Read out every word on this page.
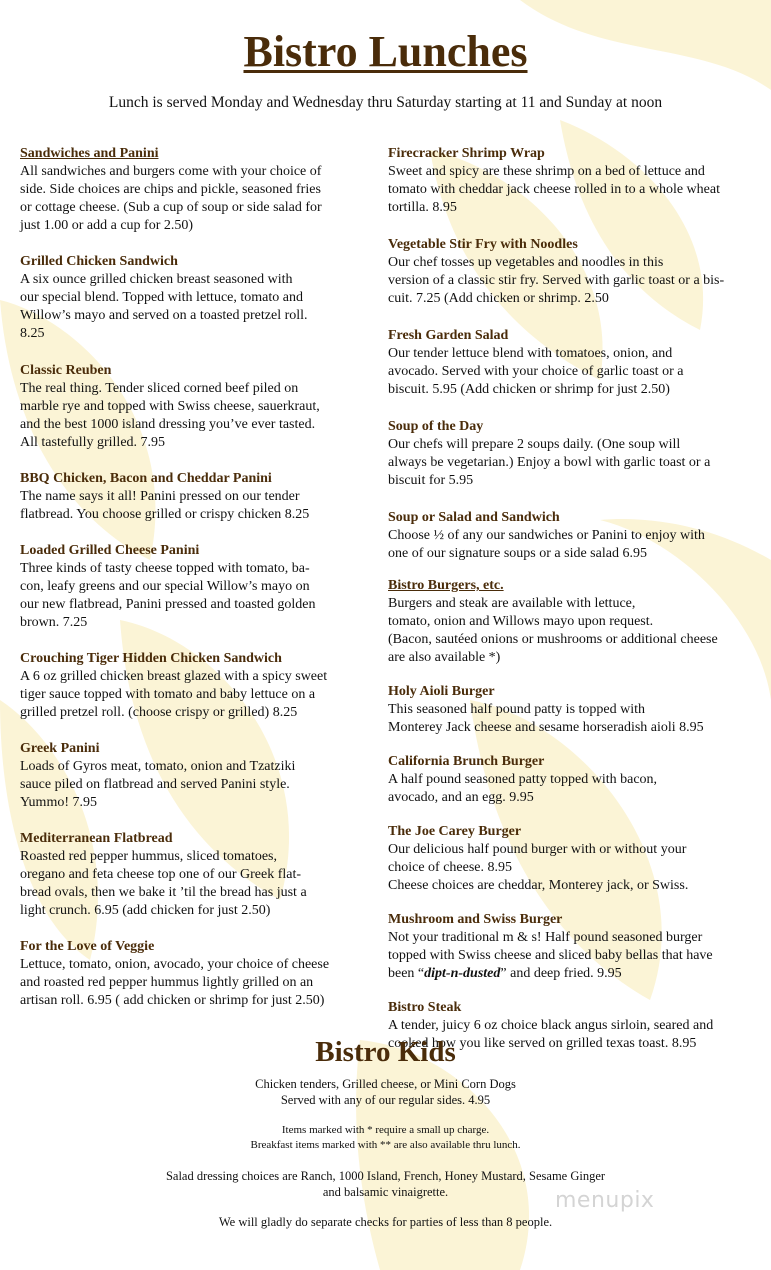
Bistro Lunches
Lunch is served Monday and Wednesday thru Saturday starting at 11 and Sunday at noon
Sandwiches and Panini

All sandwiches and burgers come with your choice of

side. Side choices are chips and pickle, seasoned fries

or cottage cheese. (Sub a cup of soup or side salad for

just 1.00 or add a cup for 2.50)

Grilled Chicken Sandwich

A six ounce grilled chicken breast seasoned with

our special blend. Topped with lettuce, tomato and

Willow’s mayo and served on a toasted pretzel roll.

8.25

Classic Reuben

The real thing. Tender sliced corned beef piled on

marble rye and topped with Swiss cheese, sauerkraut,

and the best 1000 island dressing you’ve ever tasted.

All tastefully grilled. 7.95

BBQ Chicken, Bacon and Cheddar Panini

The name says it all! Panini pressed on our tender

flatbread. You choose grilled or crispy chicken 8.25

Loaded Grilled Cheese Panini

Three kinds of tasty cheese topped with tomato, ba-

con, leafy greens and our special Willow’s mayo on

our new flatbread, Panini pressed and toasted golden

brown. 7.25

Crouching Tiger Hidden Chicken Sandwich

A 6 oz grilled chicken breast glazed with a spicy sweet

tiger sauce topped with tomato and baby lettuce on a

grilled pretzel roll. (choose crispy or grilled) 8.25

Greek Panini

Loads of Gyros meat, tomato, onion and Tzatziki

sauce piled on flatbread and served Panini style.

Yummo! 7.95

Mediterranean Flatbread

Roasted red pepper hummus, sliced tomatoes,

oregano and feta cheese top one of our Greek flat-

bread ovals, then we bake it ’til the bread has just a

light crunch. 6.95 (add chicken for just 2.50)

For the Love of Veggie

Lettuce, tomato, onion, avocado, your choice of cheese

and roasted red pepper hummus lightly grilled on an

artisan roll. 6.95 ( add chicken or shrimp for just 2.50)

Firecracker Shrimp Wrap

Sweet and spicy are these shrimp on a bed of lettuce and

tomato with cheddar jack cheese rolled in to a whole wheat

tortilla. 8.95

Vegetable Stir Fry with Noodles

Our chef tosses up vegetables and noodles in this

version of a classic stir fry. Served with garlic toast or a bis-

cuit. 7.25 (Add chicken or shrimp. 2.50

Fresh Garden Salad

Our tender lettuce blend with tomatoes, onion, and

avocado. Served with your choice of garlic toast or a

biscuit. 5.95 (Add chicken or shrimp for just 2.50)

Soup of the Day

Our chefs will prepare 2 soups daily. (One soup will

always be vegetarian.) Enjoy a bowl with garlic toast or a

biscuit for 5.95

Soup or Salad and Sandwich

Choose ½ of any our sandwiches or Panini to enjoy with

one of our signature soups or a side salad 6.95

Bistro Burgers, etc.

Burgers and steak are available with lettuce,

tomato, onion and Willows mayo upon request.

(Bacon, sautéed onions or mushrooms or additional cheese

are also available *)

Holy Aioli Burger

This seasoned half pound patty is topped with

Monterey Jack cheese and sesame horseradish aioli 8.95

California Brunch Burger

A half pound seasoned patty topped with bacon,

avocado, and an egg. 9.95

The Joe Carey Burger

Our delicious half pound burger with or without your

choice of cheese. 8.95

Cheese choices are cheddar, Monterey jack, or Swiss.

Mushroom and Swiss Burger

Not your traditional m & s! Half pound seasoned burger

topped with Swiss cheese and sliced baby bellas that have

been “dipt-n-dusted” and deep fried. 9.95

Bistro Steak

A tender, juicy 6 oz choice black angus sirloin, seared and

cooked how you like served on grilled texas toast. 8.95

Bistro Kids
Chicken tenders, Grilled cheese, or Mini Corn Dogs
Served with any of our regular sides. 4.95
Items marked with * require a small up charge.
Breakfast items marked with ** are also available thru lunch.
Salad dressing choices are Ranch, 1000 Island, French, Honey Mustard, Sesame Ginger
and balsamic vinaigrette.
We will gladly do separate checks for parties of less than 8 people.
menupix
